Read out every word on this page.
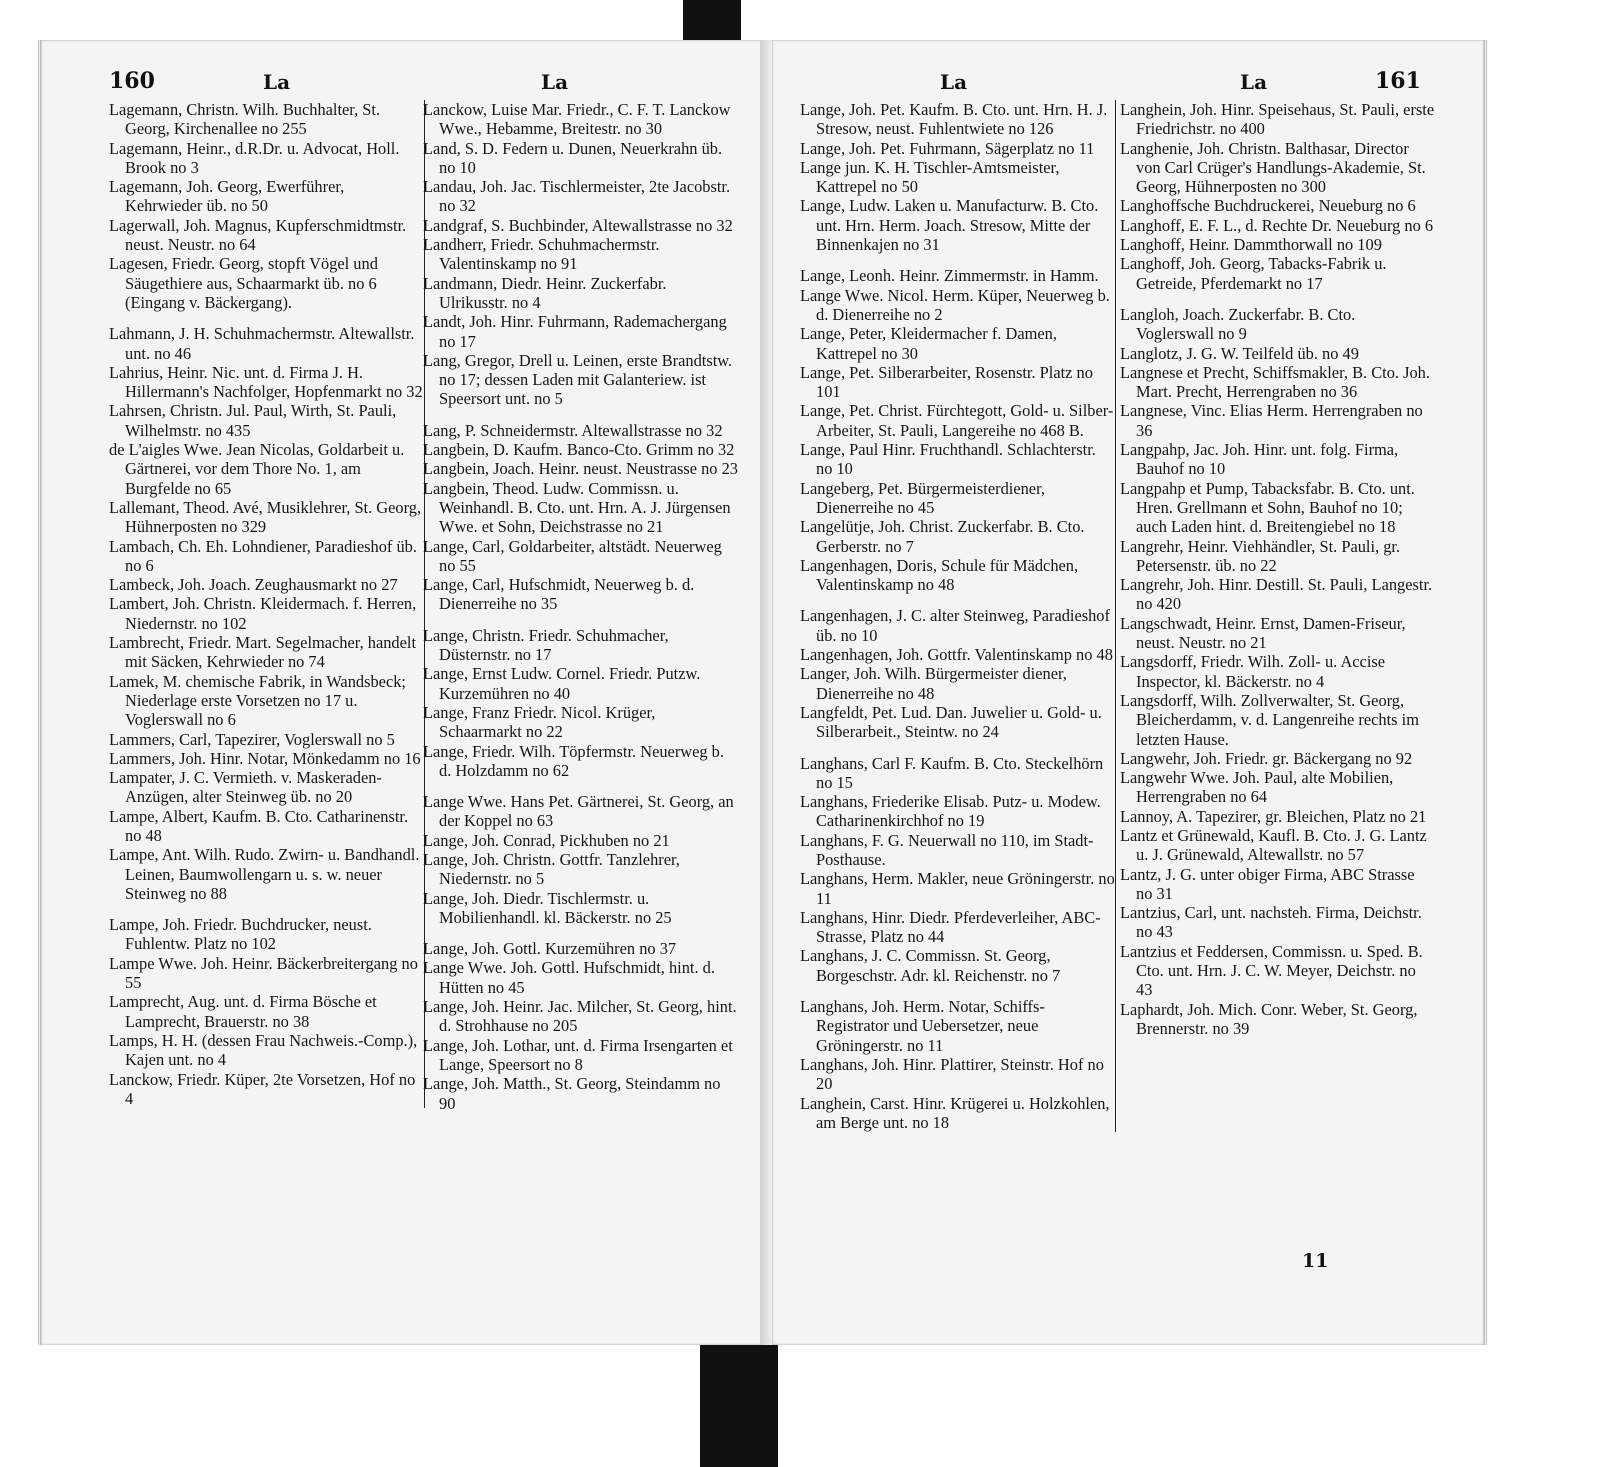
160	La	La
Lagemann, Christn. Wilh. Buchhalter, St. Georg, Kirchenallee no 255
Lagemann, Heinr., d.R.Dr. u. Advocat, Holl. Brook no 3
Lagemann, Joh. Georg, Ewerführer, Kehrwieder üb. no 50
Lagerwall, Joh. Magnus, Kupferschmidtmstr. neust. Neustr. no 64
Lagesen, Friedr. Georg, stopft Vögel und Säugethiere aus, Schaarmarkt üb. no 6 (Eingang v. Bäckergang).
Lahmann, J. H. Schuhmachermstr. Altewallstr. unt. no 46
Lahrius, Heinr. Nic. unt. d. Firma J. H. Hillermann's Nachfolger, Hopfenmarkt no 32
Lahrsen, Christn. Jul. Paul, Wirth, St. Pauli, Wilhelmstr. no 435
de L'aigles Wwe. Jean Nicolas, Goldarbeit u. Gärtnerei, vor dem Thore No. 1, am Burgfelde no 65
Lallemant, Theod. Avé, Musiklehrer, St. Georg, Hühnerposten no 329
Lambach, Ch. Eh. Lohndiener, Paradieshof üb. no 6
Lambeck, Joh. Joach. Zeughausmarkt no 27
Lambert, Joh. Christn. Kleidermach. f. Herren, Niedernstr. no 102
Lambrecht, Friedr. Mart. Segelmacher, handelt mit Säcken, Kehrwieder no 74
Lamek, M. chemische Fabrik, in Wandsbeck; Niederlage erste Vorsetzen no 17 u. Voglerswall no 6
Lammers, Carl, Tapezirer, Voglerswall no 5
Lammers, Joh. Hinr. Notar, Mönkedamm no 16
Lampater, J. C. Vermieth. v. Maskeraden-Anzügen, alter Steinweg üb. no 20
Lampe, Albert, Kaufm. B. Cto. Catharinenstr. no 48
Lampe, Ant. Wilh. Rudo. Zwirn- u. Bandhandl. Leinen, Baumwollengarn u. s. w. neuer Steinweg no 88
Lampe, Joh. Friedr. Buchdrucker, neust. Fuhlentw. Platz no 102
Lampe Wwe. Joh. Heinr. Bäckerbreitergang no 55
Lamprecht, Aug. unt. d. Firma Bösche et Lamprecht, Brauerstr. no 38
Lamps, H. H. (dessen Frau Nachweis.-Comp.), Kajen unt. no 4
Lanckow, Friedr. Küper, 2te Vorsetzen, Hof no 4
Lanckow, Luise Mar. Friedr., C. F. T. Lanckow Wwe., Hebamme, Breitestr. no 30
Land, S. D. Federn u. Dunen, Neuerkrahn üb. no 10
Landau, Joh. Jac. Tischlermeister, 2te Jacobstr. no 32
Landgraf, S. Buchbinder, Altewallstrasse no 32
Landherr, Friedr. Schuhmachermstr. Valentinskamp no 91
Landmann, Diedr. Heinr. Zuckerfabr. Ulrikusstr. no 4
Landt, Joh. Hinr. Fuhrmann, Rademachergang no 17
Lang, Gregor, Drell u. Leinen, erste Brandtstw. no 17; dessen Laden mit Galanteriew. ist Speersort unt. no 5
Lang, P. Schneidermstr. Altewallstrasse no 32
Langbein, D. Kaufm. Banco-Cto. Grimm no 32
Langbein, Joach. Heinr. neust. Neustrasse no 23
Langbein, Theod. Ludw. Commissn. u. Weinhandl. B. Cto. unt. Hrn. A. J. Jürgensen Wwe. et Sohn, Deichstrasse no 21
Lange, Carl, Goldarbeiter, altstädt. Neuerweg no 55
Lange, Carl, Hufschmidt, Neuerweg b. d. Dienerreihe no 35
Lange, Christn. Friedr. Schuhmacher, Düsternstr. no 17
Lange, Ernst Ludw. Cornel. Friedr. Putzw. Kurzemühren no 40
Lange, Franz Friedr. Nicol. Krüger, Schaarmarkt no 22
Lange, Friedr. Wilh. Töpfermstr. Neuerweg b. d. Holzdamm no 62
Lange Wwe. Hans Pet. Gärtnerei, St. Georg, an der Koppel no 63
Lange, Joh. Conrad, Pickhuben no 21
Lange, Joh. Christn. Gottfr. Tanzlehrer, Niedernstr. no 5
Lange, Joh. Diedr. Tischlermstr. u. Mobilienhandl. kl. Bäckerstr. no 25
Lange, Joh. Gottl. Kurzemühren no 37
Lange Wwe. Joh. Gottl. Hufschmidt, hint. d. Hütten no 45
Lange, Joh. Heinr. Jac. Milcher, St. Georg, hint. d. Strohhause no 205
Lange, Joh. Lothar, unt. d. Firma Irsengarten et Lange, Speersort no 8
Lange, Joh. Matth., St. Georg, Steindamm no 90
La	La	161
Lange, Joh. Pet. Kaufm. B. Cto. unt. Hrn. H. J. Stresow, neust. Fuhlentwiete no 126
Lange, Joh. Pet. Fuhrmann, Sägerplatz no 11
Lange jun. K. H. Tischler-Amtsmeister, Kattrepel no 50
Lange, Ludw. Laken u. Manufacturw. B. Cto. unt. Hrn. Herm. Joach. Stresow, Mitte der Binnenkajen no 31
Lange, Leonh. Heinr. Zimmermstr. in Hamm.
Lange Wwe. Nicol. Herm. Küper, Neuerweg b. d. Dienerreihe no 2
Lange, Peter, Kleidermacher f. Damen, Kattrepel no 30
Lange, Pet. Silberarbeiter, Rosenstr. Platz no 101
Lange, Pet. Christ. Fürchtegott, Gold- u. Silber-Arbeiter, St. Pauli, Langereihe no 468 B.
Lange, Paul Hinr. Fruchthandl. Schlachterstr. no 10
Langeberg, Pet. Bürgermeisterdiener, Dienerreihe no 45
Langelütje, Joh. Christ. Zuckerfabr. B. Cto. Gerberstr. no 7
Langenhagen, Doris, Schule für Mädchen, Valentinskamp no 48
Langenhagen, J. C. alter Steinweg, Paradieshof üb. no 10
Langenhagen, Joh. Gottfr. Valentinskamp no 48
Langer, Joh. Wilh. Bürgermeister diener, Dienerreihe no 48
Langfeldt, Pet. Lud. Dan. Juwelier u. Gold- u. Silberarbeit., Steintw. no 24
Langhans, Carl F. Kaufm. B. Cto. Steckelhörn no 15
Langhans, Friederike Elisab. Putz- u. Modew. Catharinenkirchhof no 19
Langhans, F. G. Neuerwall no 110, im Stadt-Posthause.
Langhans, Herm. Makler, neue Gröningerstr. no 11
Langhans, Hinr. Diedr. Pferdeverleiher, ABC-Strasse, Platz no 44
Langhans, J. C. Commissn. St. Georg, Borgeschstr. Adr. kl. Reichenstr. no 7
Langhans, Joh. Herm. Notar, Schiffs-Registrator und Uebersetzer, neue Gröningerstr. no 11
Langhans, Joh. Hinr. Plattirer, Steinstr. Hof no 20
Langhein, Carst. Hinr. Krügerei u. Holzkohlen, am Berge unt. no 18
Langhein, Joh. Hinr. Speisehaus, St. Pauli, erste Friedrichstr. no 400
Langhenie, Joh. Christn. Balthasar, Director von Carl Crüger's Handlungs-Akademie, St. Georg, Hühnerposten no 300
Langhoffsche Buchdruckerei, Neueburg no 6
Langhoff, E. F. L., d. Rechte Dr. Neueburg no 6
Langhoff, Heinr. Dammthorwall no 109
Langhoff, Joh. Georg, Tabacks-Fabrik u. Getreide, Pferdemarkt no 17
Langloh, Joach. Zuckerfabr. B. Cto. Voglerswall no 9
Langlotz, J. G. W. Teilfeld üb. no 49
Langnese et Precht, Schiffsmakler, B. Cto. Joh. Mart. Precht, Herrengraben no 36
Langnese, Vinc. Elias Herm. Herrengraben no 36
Langpahp, Jac. Joh. Hinr. unt. folg. Firma, Bauhof no 10
Langpahp et Pump, Tabacksfabr. B. Cto. unt. Hren. Grellmann et Sohn, Bauhof no 10; auch Laden hint. d. Breitengiebel no 18
Langrehr, Heinr. Viehhändler, St. Pauli, gr. Petersenstr. üb. no 22
Langrehr, Joh. Hinr. Destill. St. Pauli, Langestr. no 420
Langschwadt, Heinr. Ernst, Damen-Friseur, neust. Neustr. no 21
Langsdorff, Friedr. Wilh. Zoll- u. Accise Inspector, kl. Bäckerstr. no 4
Langsdorff, Wilh. Zollverwalter, St. Georg, Bleicherdamm, v. d. Langenreihe rechts im letzten Hause.
Langwehr, Joh. Friedr. gr. Bäckergang no 92
Langwehr Wwe. Joh. Paul, alte Mobilien, Herrengraben no 64
Lannoy, A. Tapezirer, gr. Bleichen, Platz no 21
Lantz et Grünewald, Kaufl. B. Cto. J. G. Lantz u. J. Grünewald, Altewallstr. no 57
Lantz, J. G. unter obiger Firma, ABC Strasse no 31
Lantzius, Carl, unt. nachsteh. Firma, Deichstr. no 43
Lantzius et Feddersen, Commissn. u. Sped. B. Cto. unt. Hrn. J. C. W. Meyer, Deichstr. no 43
Laphardt, Joh. Mich. Conr. Weber, St. Georg, Brennerstr. no 39
11
